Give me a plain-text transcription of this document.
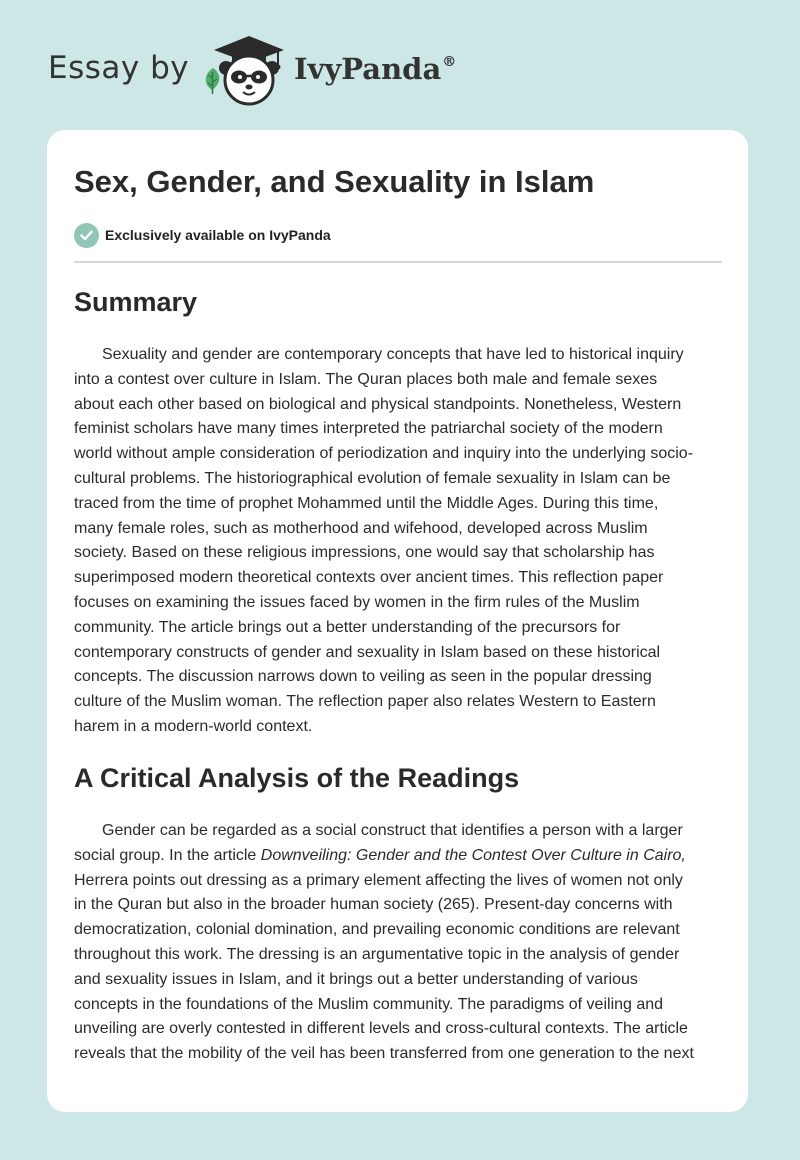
Essay by	IvyPanda®
Sex, Gender, and Sexuality in Islam
Exclusively available on IvyPanda
Summary

Sexuality and gender are contemporary concepts that have led to historical inquiry
into a contest over culture in Islam. The Quran places both male and female sexes
about each other based on biological and physical standpoints. Nonetheless, Western
feminist scholars have many times interpreted the patriarchal society of the modern
world without ample consideration of periodization and inquiry into the underlying socio-
cultural problems. The historiographical evolution of female sexuality in Islam can be
traced from the time of prophet Mohammed until the Middle Ages. During this time,
many female roles, such as motherhood and wifehood, developed across Muslim
society. Based on these religious impressions, one would say that scholarship has
superimposed modern theoretical contexts over ancient times. This reflection paper
focuses on examining the issues faced by women in the firm rules of the Muslim
community. The article brings out a better understanding of the precursors for
contemporary constructs of gender and sexuality in Islam based on these historical
concepts. The discussion narrows down to veiling as seen in the popular dressing
culture of the Muslim woman. The reflection paper also relates Western to Eastern
harem in a modern-world context.

A Critical Analysis of the Readings

Gender can be regarded as a social construct that identifies a person with a larger
social group. In the article Downveiling: Gender and the Contest Over Culture in Cairo,
Herrera points out dressing as a primary element affecting the lives of women not only
in the Quran but also in the broader human society (265). Present-day concerns with
democratization, colonial domination, and prevailing economic conditions are relevant
throughout this work. The dressing is an argumentative topic in the analysis of gender
and sexuality issues in Islam, and it brings out a better understanding of various
concepts in the foundations of the Muslim community. The paradigms of veiling and
unveiling are overly contested in different levels and cross-cultural contexts. The article
reveals that the mobility of the veil has been transferred from one generation to the next
